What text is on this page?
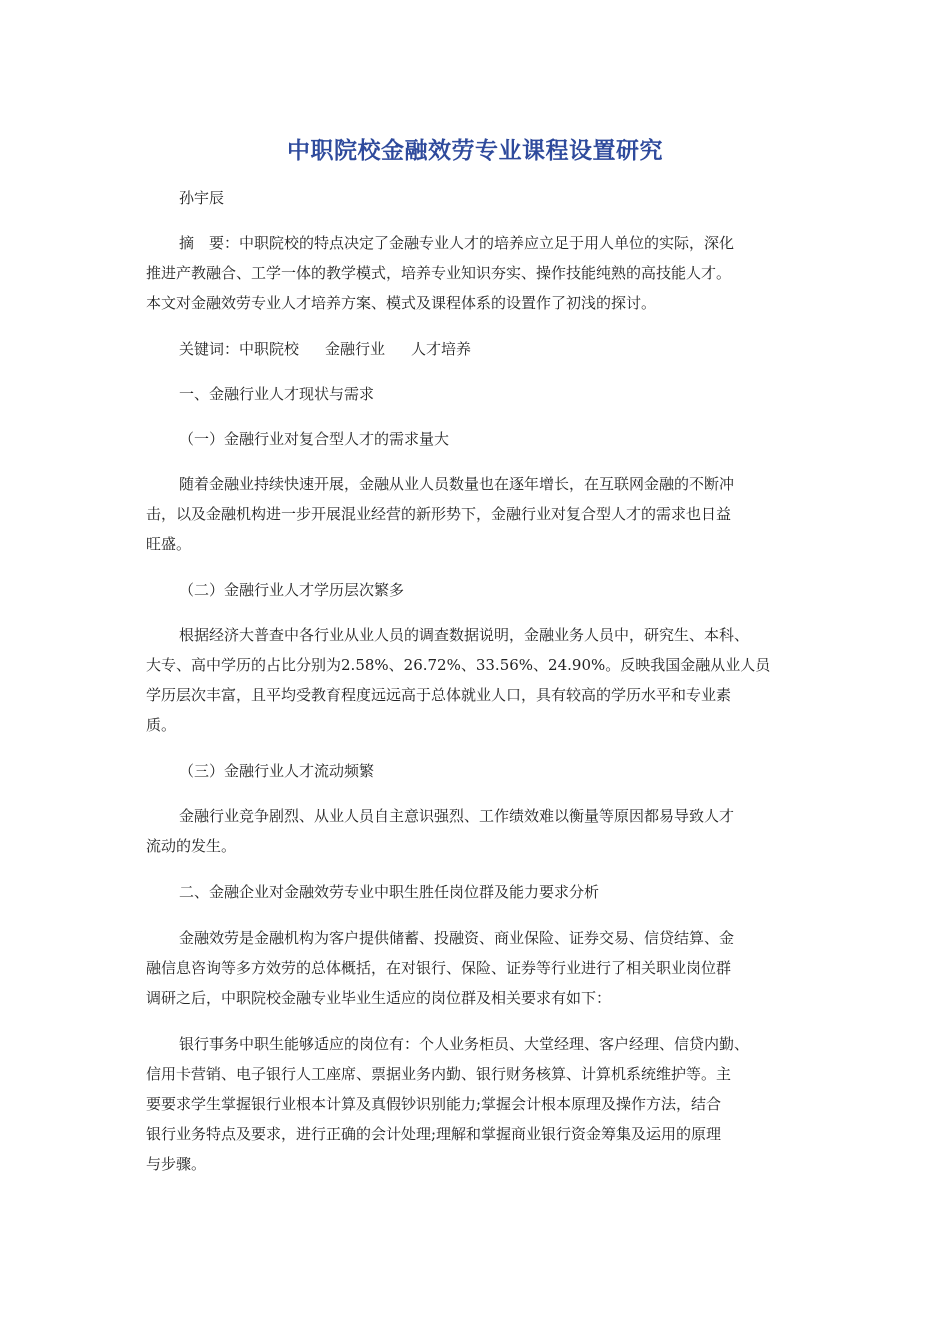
中职院校金融效劳专业课程设置研究
孙宇辰
摘　要：中职院校的特点决定了金融专业人才的培养应立足于用人单位的实际，深化
推进产教融合、工学一体的教学模式，培养专业知识夯实、操作技能纯熟的高技能人才。
本文对金融效劳专业人才培养方案、模式及课程体系的设置作了初浅的探讨。
关键词：中职院校 金融行业 人才培养
一、金融行业人才现状与需求
（一）金融行业对复合型人才的需求量大
随着金融业持续快速开展，金融从业人员数量也在逐年增长，在互联网金融的不断冲
击，以及金融机构进一步开展混业经营的新形势下，金融行业对复合型人才的需求也日益
旺盛。
（二）金融行业人才学历层次繁多
根据经济大普查中各行业从业人员的调查数据说明，金融业务人员中，研究生、本科、
大专、高中学历的占比分别为2.58%、26.72%、33.56%、24.90%。反映我国金融从业人员
学历层次丰富，且平均受教育程度远远高于总体就业人口，具有较高的学历水平和专业素
质。
（三）金融行业人才流动频繁
金融行业竞争剧烈、从业人员自主意识强烈、工作绩效难以衡量等原因都易导致人才
流动的发生。
二、金融企业对金融效劳专业中职生胜任岗位群及能力要求分析
金融效劳是金融机构为客户提供储蓄、投融资、商业保险、证券交易、信贷结算、金
融信息咨询等多方效劳的总体概括，在对银行、保险、证券等行业进行了相关职业岗位群
调研之后，中职院校金融专业毕业生适应的岗位群及相关要求有如下：
银行事务中职生能够适应的岗位有：个人业务柜员、大堂经理、客户经理、信贷内勤、
信用卡营销、电子银行人工座席、票据业务内勤、银行财务核算、计算机系统维护等。主
要要求学生掌握银行业根本计算及真假钞识别能力;掌握会计根本原理及操作方法，结合
银行业务特点及要求，进行正确的会计处理;理解和掌握商业银行资金筹集及运用的原理
与步骤。
